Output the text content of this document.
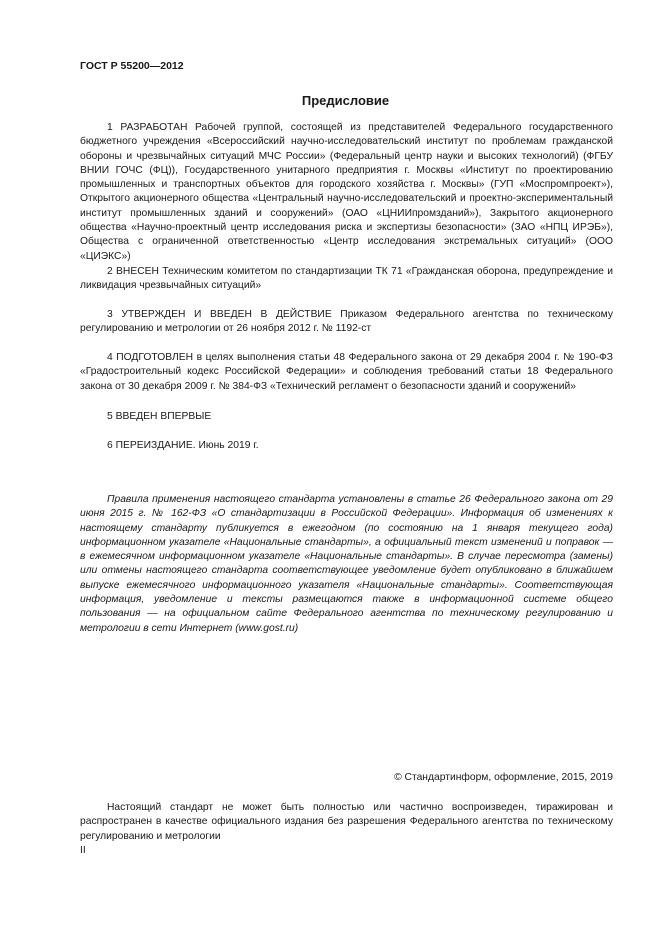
ГОСТ Р 55200—2012
Предисловие

1 РАЗРАБОТАН Рабочей группой, состоящей из представителей Федерального государственного бюджетного учреждения «Всероссийский научно-исследовательский институт по проблемам гражданской обороны и чрезвычайных ситуаций МЧС России» (Федеральный центр науки и высоких технологий) (ФГБУ ВНИИ ГОЧС (ФЦ)), Государственного унитарного предприятия г. Москвы «Институт по проектированию промышленных и транспортных объектов для городского хозяйства г. Москвы» (ГУП «Моспромпроект»), Открытого акционерного общества «Центральный научно-исследовательский и проектно-экспериментальный институт промышленных зданий и сооружений» (ОАО «ЦНИИпромзданий»), Закрытого акционерного общества «Научно-проектный центр исследования риска и экспертизы безопасности» (ЗАО «НПЦ ИРЭБ»), Общества с ограниченной ответственностью «Центр исследования экстремальных ситуаций» (ООО «ЦИЭКС»)

2 ВНЕСЕН Техническим комитетом по стандартизации ТК 71 «Гражданская оборона, предупреждение и ликвидация чрезвычайных ситуаций»

3 УТВЕРЖДЕН И ВВЕДЕН В ДЕЙСТВИЕ Приказом Федерального агентства по техническому регулированию и метрологии от 26 ноября 2012 г. № 1192-ст

4 ПОДГОТОВЛЕН в целях выполнения статьи 48 Федерального закона от 29 декабря 2004 г. № 190-ФЗ «Градостроительный кодекс Российской Федерации» и соблюдения требований статьи 18 Федерального закона от 30 декабря 2009 г. № 384-ФЗ «Технический регламент о безопасности зданий и сооружений»

5 ВВЕДЕН ВПЕРВЫЕ

6 ПЕРЕИЗДАНИЕ. Июнь 2019 г.

Правила применения настоящего стандарта установлены в статье 26 Федерального закона от 29 июня 2015 г. № 162-ФЗ «О стандартизации в Российской Федерации». Информация об изменениях к настоящему стандарту публикуется в ежегодном (по состоянию на 1 января текущего года) информационном указателе «Национальные стандарты», а официальный текст изменений и поправок — в ежемесячном информационном указателе «Национальные стандарты». В случае пересмотра (замены) или отмены настоящего стандарта соответствующее уведомление будет опубликовано в ближайшем выпуске ежемесячного информационного указателя «Национальные стандарты». Соответствующая информация, уведомление и тексты размещаются также в информационной системе общего пользования — на официальном сайте Федерального агентства по техническому регулированию и метрологии в сети Интернет (www.gost.ru)

© Стандартинформ, оформление, 2015, 2019

Настоящий стандарт не может быть полностью или частично воспроизведен, тиражирован и распространен в качестве официального издания без разрешения Федерального агентства по техническому регулированию и метрологии

II
